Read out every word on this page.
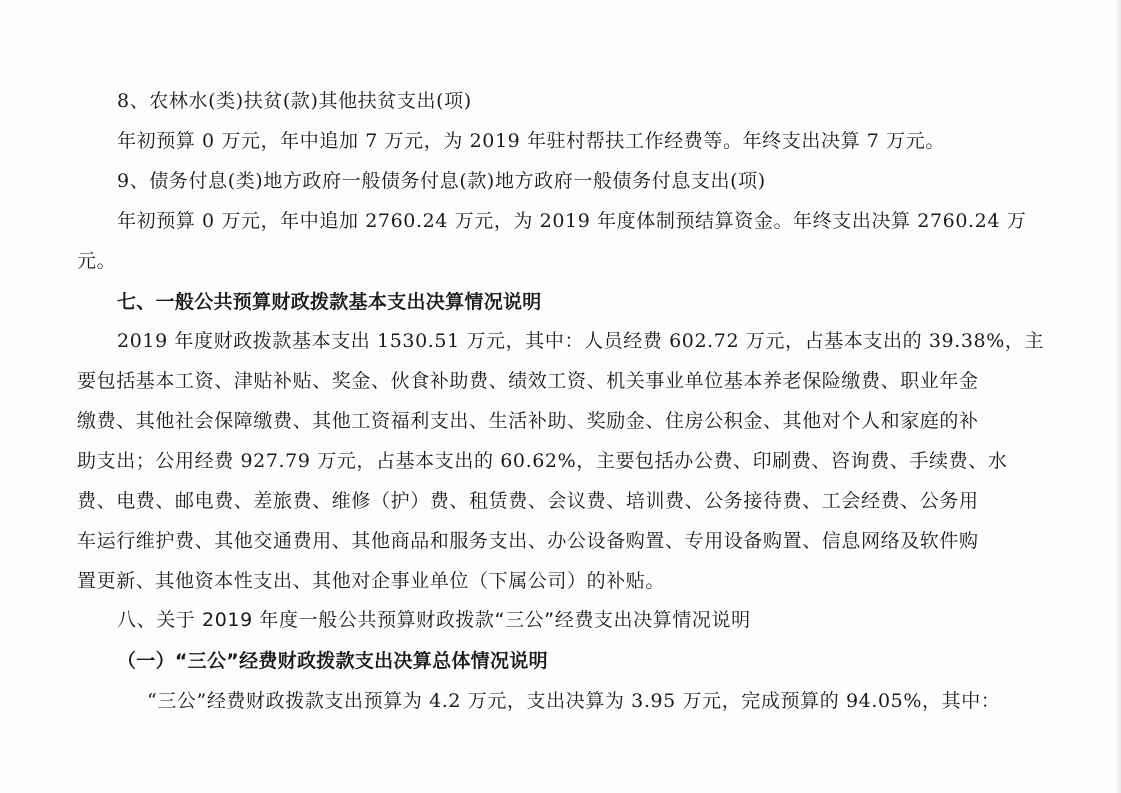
8、农林水(类)扶贫(款)其他扶贫支出(项)
年初预算 0 万元，年中追加 7 万元，为 2019 年驻村帮扶工作经费等。年终支出决算 7 万元。
9、债务付息(类)地方政府一般债务付息(款)地方政府一般债务付息支出(项)
年初预算 0 万元，年中追加 2760.24 万元，为 2019 年度体制预结算资金。年终支出决算 2760.24 万
元。
七、一般公共预算财政拨款基本支出决算情况说明
2019 年度财政拨款基本支出 1530.51 万元，其中：人员经费 602.72 万元，占基本支出的 39.38%，主
要包括基本工资、津贴补贴、奖金、伙食补助费、绩效工资、机关事业单位基本养老保险缴费、职业年金
缴费、其他社会保障缴费、其他工资福利支出、生活补助、奖励金、住房公积金、其他对个人和家庭的补
助支出；公用经费 927.79 万元，占基本支出的 60.62%，主要包括办公费、印刷费、咨询费、手续费、水
费、电费、邮电费、差旅费、维修（护）费、租赁费、会议费、培训费、公务接待费、工会经费、公务用
车运行维护费、其他交通费用、其他商品和服务支出、办公设备购置、专用设备购置、信息网络及软件购
置更新、其他资本性支出、其他对企事业单位（下属公司）的补贴。
八、关于 2019 年度一般公共预算财政拨款“三公”经费支出决算情况说明
（一）“三公”经费财政拨款支出决算总体情况说明
“三公”经费财政拨款支出预算为 4.2 万元，支出决算为 3.95 万元，完成预算的 94.05%，其中：
